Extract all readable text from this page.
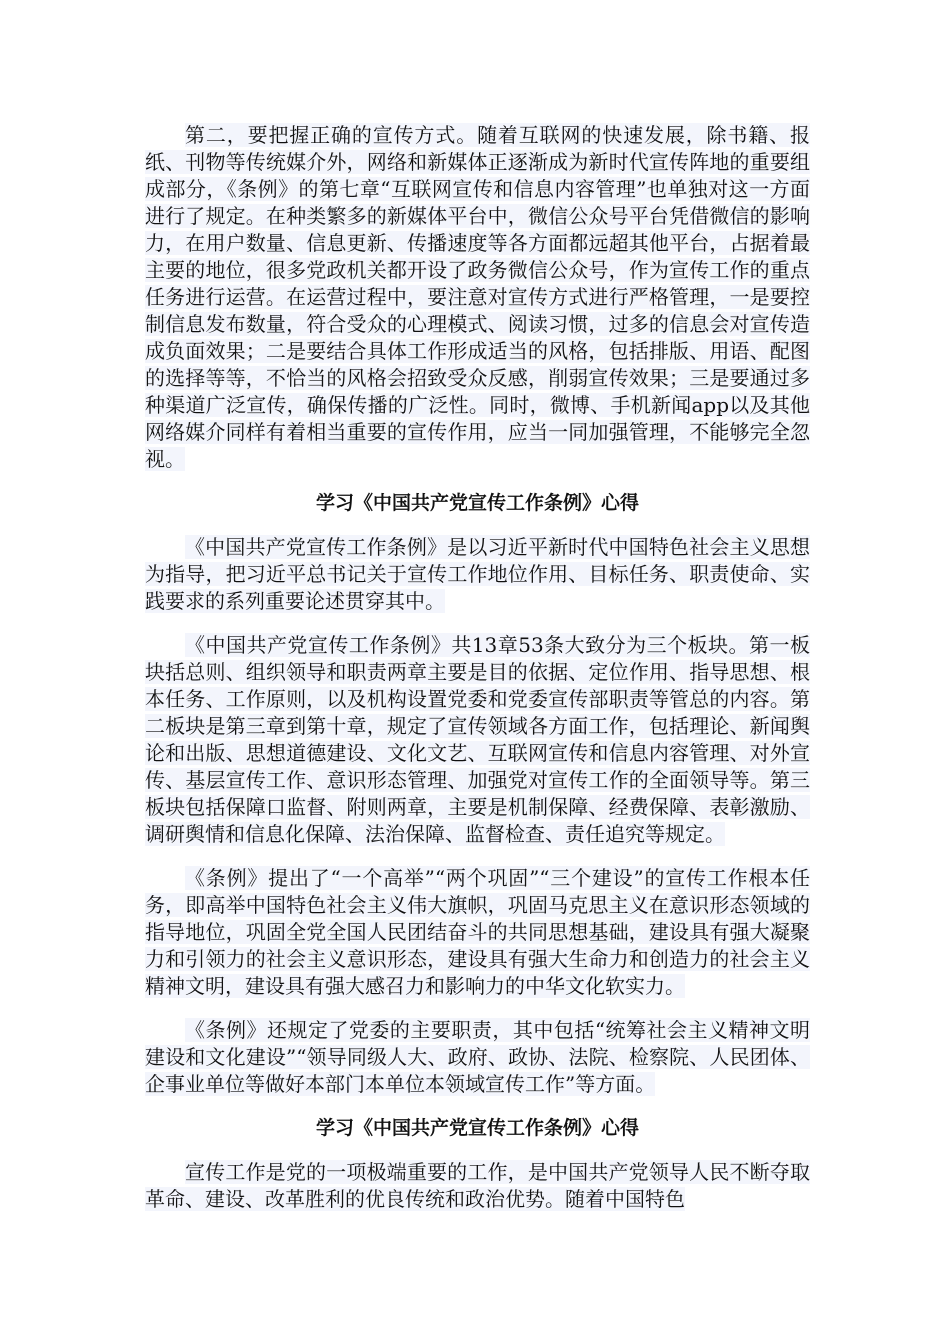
第二，要把握正确的宣传方式。随着互联网的快速发展，除书籍、报纸、刊物等传统媒介外，网络和新媒体正逐渐成为新时代宣传阵地的重要组成部分，《条例》的第七章“互联网宣传和信息内容管理”也单独对这一方面进行了规定。在种类繁多的新媒体平台中，微信公众号平台凭借微信的影响力，在用户数量、信息更新、传播速度等各方面都远超其他平台，占据着最主要的地位，很多党政机关都开设了政务微信公众号，作为宣传工作的重点任务进行运营。在运营过程中，要注意对宣传方式进行严格管理，一是要控制信息发布数量，符合受众的心理模式、阅读习惯，过多的信息会对宣传造成负面效果；二是要结合具体工作形成适当的风格，包括排版、用语、配图的选择等等，不恰当的风格会招致受众反感，削弱宣传效果；三是要通过多种渠道广泛宣传，确保传播的广泛性。同时，微博、手机新闻app以及其他网络媒介同样有着相当重要的宣传作用，应当一同加强管理，不能够完全忽视。

学习《中国共产党宣传工作条例》心得

《中国共产党宣传工作条例》是以习近平新时代中国特色社会主义思想为指导，把习近平总书记关于宣传工作地位作用、目标任务、职责使命、实践要求的系列重要论述贯穿其中。

《中国共产党宣传工作条例》共13章53条大致分为三个板块。第一板块括总则、组织领导和职责两章主要是目的依据、定位作用、指导思想、根本任务、工作原则，以及机构设置党委和党委宣传部职责等管总的内容。第二板块是第三章到第十章，规定了宣传领域各方面工作，包括理论、新闻舆论和出版、思想道德建设、文化文艺、互联网宣传和信息内容管理、对外宣传、基层宣传工作、意识形态管理、加强党对宣传工作的全面领导等。第三板块包括保障口监督、附则两章，主要是机制保障、经费保障、表彰激励、调研舆情和信息化保障、法治保障、监督检查、责任追究等规定。

《条例》提出了“一个高举”“两个巩固”“三个建设”的宣传工作根本任务，即高举中国特色社会主义伟大旗帜，巩固马克思主义在意识形态领域的指导地位，巩固全党全国人民团结奋斗的共同思想基础，建设具有强大凝聚力和引领力的社会主义意识形态，建设具有强大生命力和创造力的社会主义精神文明，建设具有强大感召力和影响力的中华文化软实力。

《条例》还规定了党委的主要职责，其中包括“统筹社会主义精神文明建设和文化建设”“领导同级人大、政府、政协、法院、检察院、人民团体、企事业单位等做好本部门本单位本领域宣传工作”等方面。

学习《中国共产党宣传工作条例》心得

宣传工作是党的一项极端重要的工作，是中国共产党领导人民不断夺取革命、建设、改革胜利的优良传统和政治优势。随着中国特色
